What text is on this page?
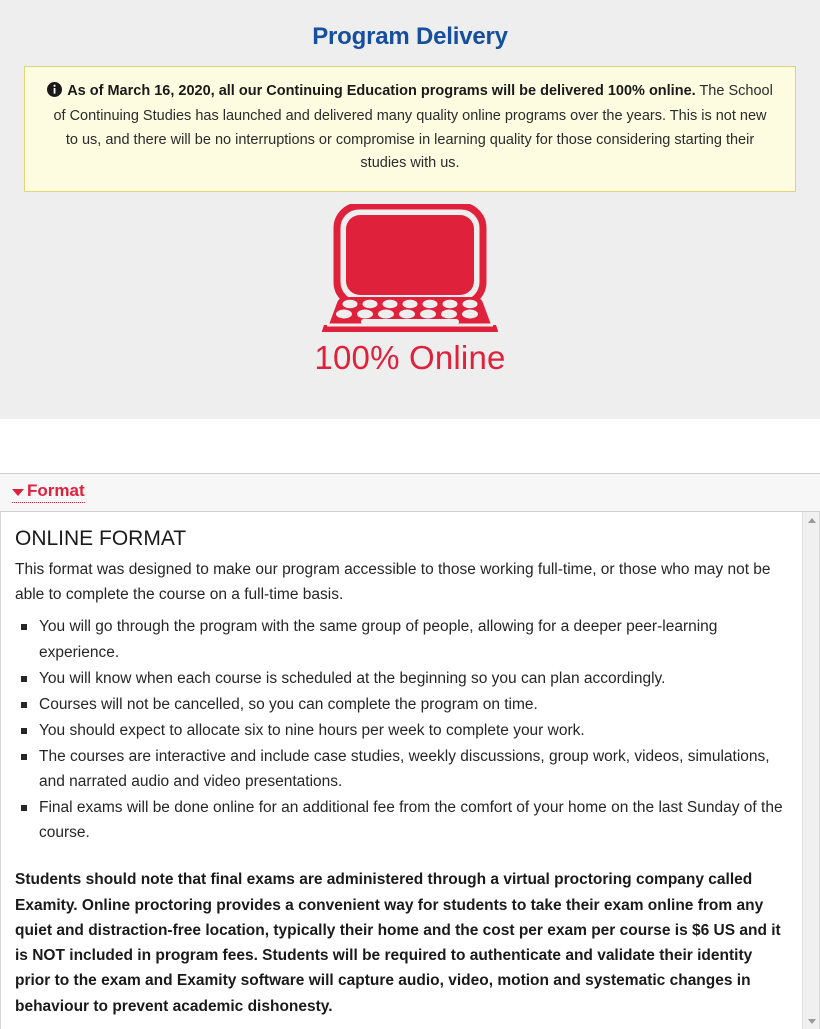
Program Delivery
As of March 16, 2020, all our Continuing Education programs will be delivered 100% online. The School of Continuing Studies has launched and delivered many quality online programs over the years. This is not new to us, and there will be no interruptions or compromise in learning quality for those considering starting their studies with us.
100% Online
Format
ONLINE FORMAT

This format was designed to make our program accessible to those working full-time, or those who may not be able to complete the course on a full-time basis.

You will go through the program with the same group of people, allowing for a deeper peer-learning experience.
You will know when each course is scheduled at the beginning so you can plan accordingly.
Courses will not be cancelled, so you can complete the program on time.
You should expect to allocate six to nine hours per week to complete your work.
The courses are interactive and include case studies, weekly discussions, group work, videos, simulations, and narrated audio and video presentations.
Final exams will be done online for an additional fee from the comfort of your home on the last Sunday of the course.

Students should note that final exams are administered through a virtual proctoring company called Examity. Online proctoring provides a convenient way for students to take their exam online from any quiet and distraction-free location, typically their home and the cost per exam per course is $6 US and it is NOT included in program fees. Students will be required to authenticate and validate their identity prior to the exam and Examity software will capture audio, video, motion and systematic changes in behaviour to prevent academic dishonesty.
